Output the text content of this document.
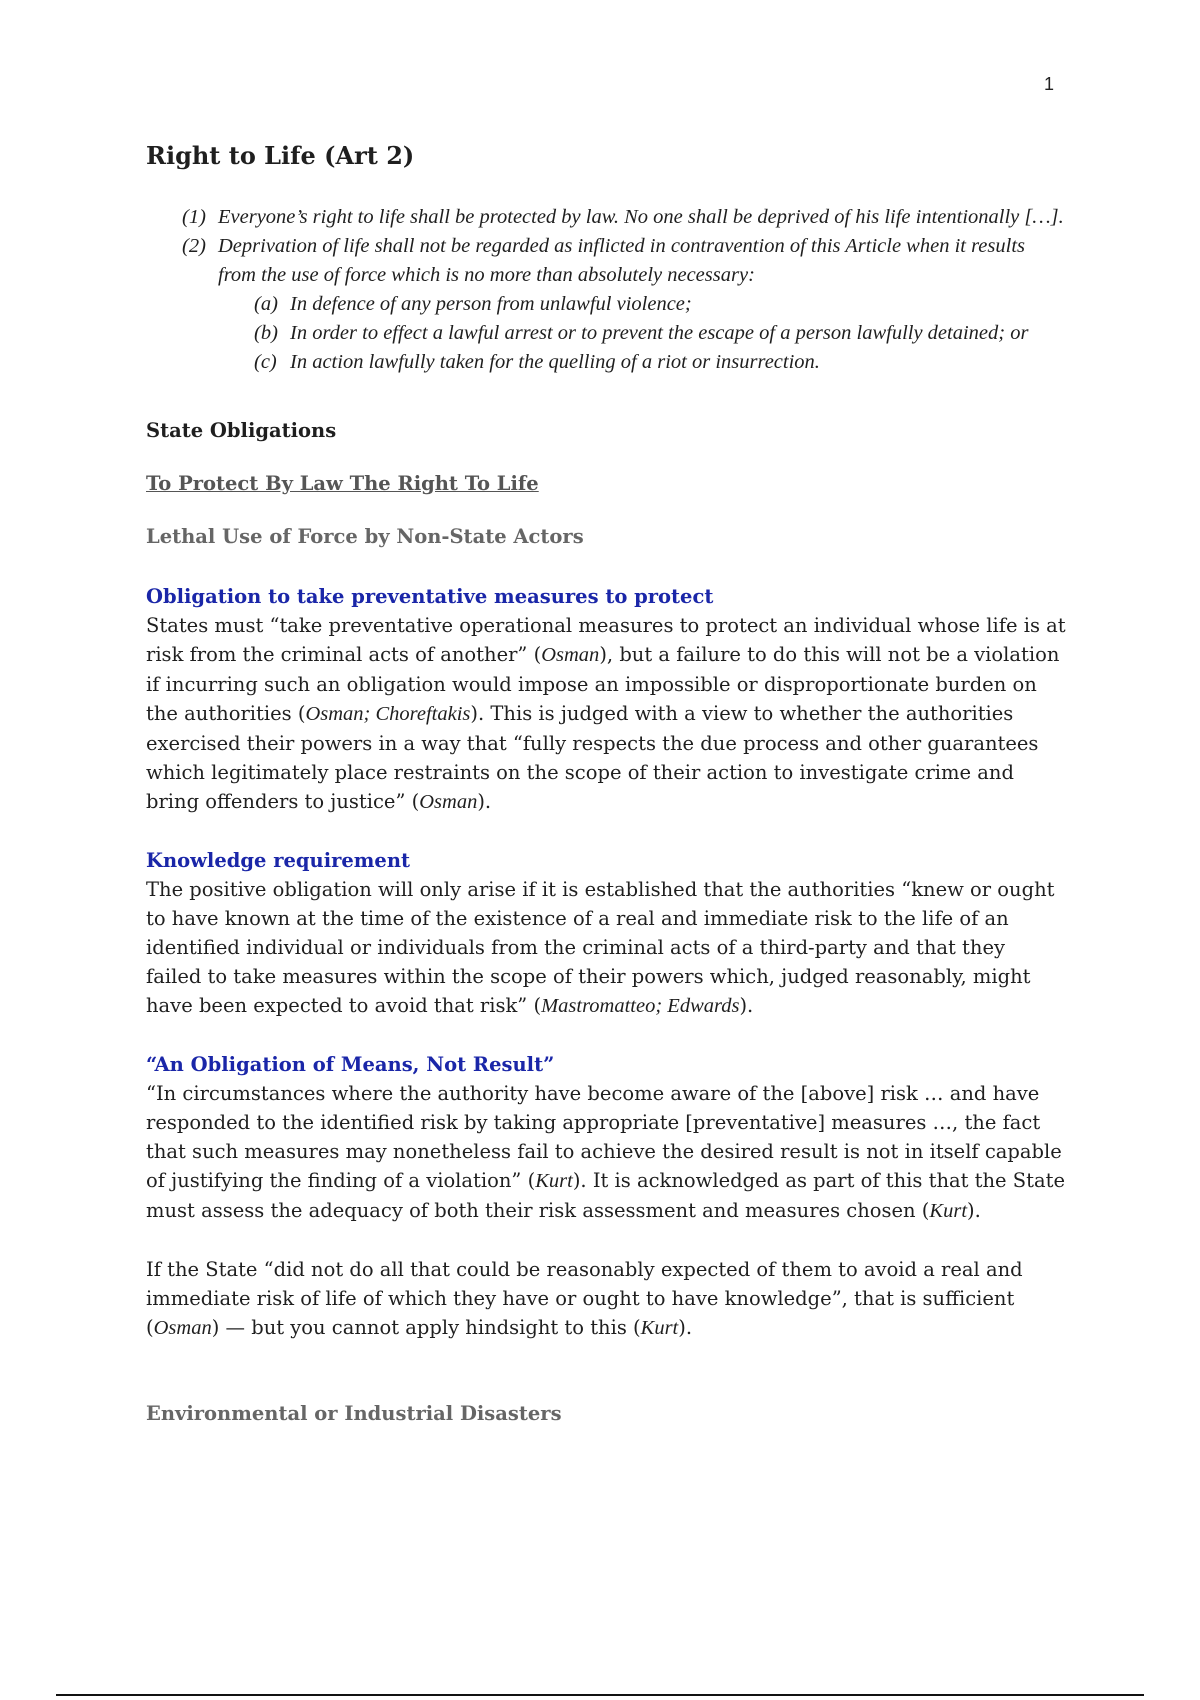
1
Right to Life (Art 2)
(1) Everyone’s right to life shall be protected by law. No one shall be deprived of his life intentionally […].
(2) Deprivation of life shall not be regarded as inflicted in contravention of this Article when it results from the use of force which is no more than absolutely necessary:
(a) In defence of any person from unlawful violence;
(b) In order to effect a lawful arrest or to prevent the escape of a person lawfully detained; or
(c) In action lawfully taken for the quelling of a riot or insurrection.
State Obligations
To Protect By Law The Right To Life
Lethal Use of Force by Non-State Actors
Obligation to take preventative measures to protect

States must “take preventative operational measures to protect an individual whose life is at risk from the criminal acts of another” (Osman), but a failure to do this will not be a violation if incurring such an obligation would impose an impossible or disproportionate burden on the authorities (Osman; Choreftakis). This is judged with a view to whether the authorities exercised their powers in a way that “fully respects the due process and other guarantees which legitimately place restraints on the scope of their action to investigate crime and bring offenders to justice” (Osman).

Knowledge requirement

The positive obligation will only arise if it is established that the authorities “knew or ought to have known at the time of the existence of a real and immediate risk to the life of an identified individual or individuals from the criminal acts of a third-party and that they failed to take measures within the scope of their powers which, judged reasonably, might have been expected to avoid that risk” (Mastromatteo; Edwards).

“An Obligation of Means, Not Result”

“In circumstances where the authority have become aware of the [above] risk … and have responded to the identified risk by taking appropriate [preventative] measures …, the fact that such measures may nonetheless fail to achieve the desired result is not in itself capable of justifying the finding of a violation” (Kurt). It is acknowledged as part of this that the State must assess the adequacy of both their risk assessment and measures chosen (Kurt).

If the State “did not do all that could be reasonably expected of them to avoid a real and immediate risk of life of which they have or ought to have knowledge”, that is sufficient (Osman) — but you cannot apply hindsight to this (Kurt).

Environmental or Industrial Disasters
